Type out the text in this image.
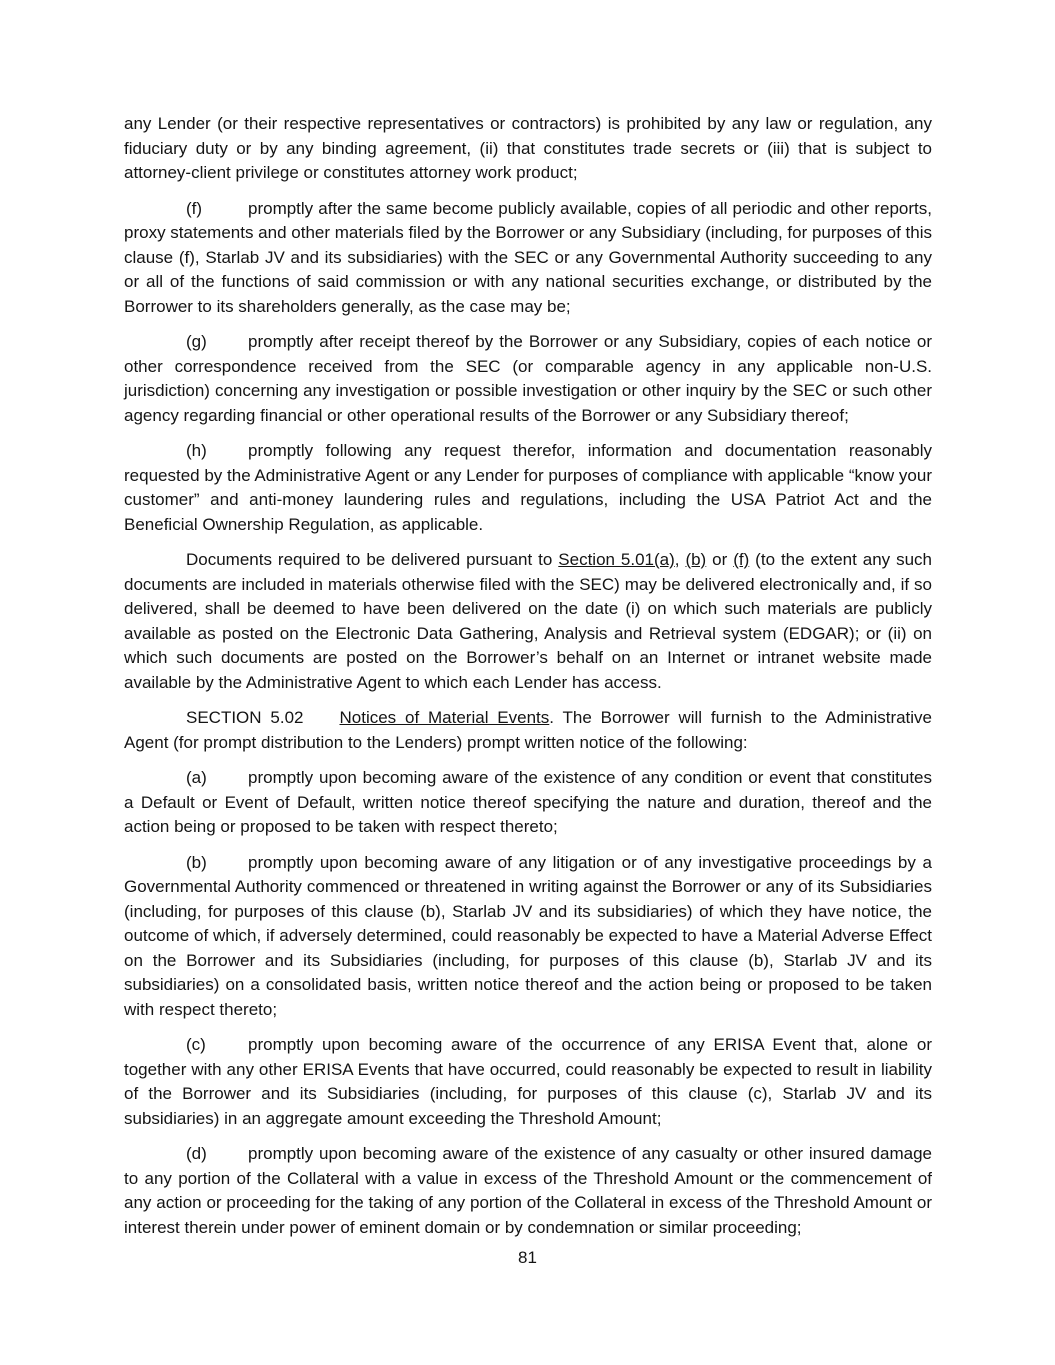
any Lender (or their respective representatives or contractors) is prohibited by any law or regulation, any fiduciary duty or by any binding agreement, (ii) that constitutes trade secrets or (iii) that is subject to attorney-client privilege or constitutes attorney work product;

(f)	promptly after the same become publicly available, copies of all periodic and other reports, proxy statements and other materials filed by the Borrower or any Subsidiary (including, for purposes of this clause (f), Starlab JV and its subsidiaries) with the SEC or any Governmental Authority succeeding to any or all of the functions of said commission or with any national securities exchange, or distributed by the Borrower to its shareholders generally, as the case may be;

(g) promptly after receipt thereof by the Borrower or any Subsidiary, copies of each notice or other correspondence received from the SEC (or comparable agency in any applicable non-U.S. jurisdiction) concerning any investigation or possible investigation or other inquiry by the SEC or such other agency regarding financial or other operational results of the Borrower or any Subsidiary thereof;

(h) promptly following any request therefor, information and documentation reasonably requested by the Administrative Agent or any Lender for purposes of compliance with applicable “know your customer” and anti-money laundering rules and regulations, including the USA Patriot Act and the Beneficial Ownership Regulation, as applicable.

Documents required to be delivered pursuant to Section 5.01(a), (b) or (f) (to the extent any such documents are included in materials otherwise filed with the SEC) may be delivered electronically and, if so delivered, shall be deemed to have been delivered on the date (i) on which such materials are publicly available as posted on the Electronic Data Gathering, Analysis and Retrieval system (EDGAR); or (ii) on which such documents are posted on the Borrower’s behalf on an Internet or intranet website made available by the Administrative Agent to which each Lender has access.

SECTION 5.02 Notices of Material Events. The Borrower will furnish to the Administrative Agent (for prompt distribution to the Lenders) prompt written notice of the following:

(a) promptly upon becoming aware of the existence of any condition or event that constitutes a Default or Event of Default, written notice thereof specifying the nature and duration, thereof and the action being or proposed to be taken with respect thereto;

(b) promptly upon becoming aware of any litigation or of any investigative proceedings by a Governmental Authority commenced or threatened in writing against the Borrower or any of its Subsidiaries (including, for purposes of this clause (b), Starlab JV and its subsidiaries) of which they have notice, the outcome of which, if adversely determined, could reasonably be expected to have a Material Adverse Effect on the Borrower and its Subsidiaries (including, for purposes of this clause (b), Starlab JV and its subsidiaries) on a consolidated basis, written notice thereof and the action being or proposed to be taken with respect thereto;

(c) promptly upon becoming aware of the occurrence of any ERISA Event that, alone or together with any other ERISA Events that have occurred, could reasonably be expected to result in liability of the Borrower and its Subsidiaries (including, for purposes of this clause (c), Starlab JV and its subsidiaries) in an aggregate amount exceeding the Threshold Amount;

(d) promptly upon becoming aware of the existence of any casualty or other insured damage to any portion of the Collateral with a value in excess of the Threshold Amount or the commencement of any action or proceeding for the taking of any portion of the Collateral in excess of the Threshold Amount or interest therein under power of eminent domain or by condemnation or similar proceeding;

81
